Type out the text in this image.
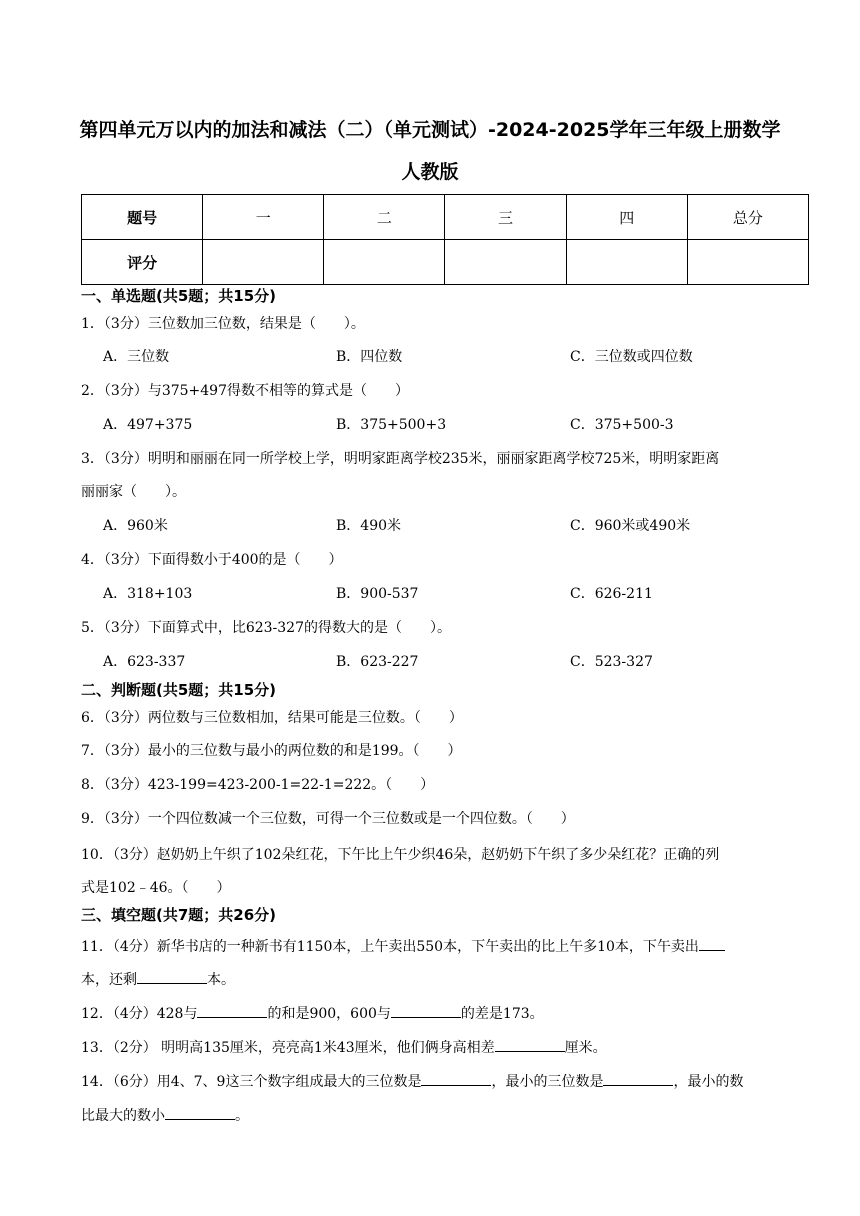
第四单元万以内的加法和减法（二）（单元测试）-2024-2025学年三年级上册数学
人教版
题号	一	二	三	四	总分
评分					
一、单选题(共5题；共15分)
1．（3分）三位数加三位数，结果是（　　）。
A．三位数	B．四位数	C．三位数或四位数
2．（3分）与375+497得数不相等的算式是（　　）
A．497+375	B．375+500+3	C．375+500-3
3．（3分）明明和丽丽在同一所学校上学，明明家距离学校235米，丽丽家距离学校725米，明明家距离
丽丽家（　　）。
A．960米	B．490米	C．960米或490米
4．（3分）下面得数小于400的是（　　）
A．318+103	B．900-537	C．626-211
5．（3分）下面算式中，比623-327的得数大的是（　　）。
A．623-337	B．623-227	C．523-327
二、判断题(共5题；共15分)
6．（3分）两位数与三位数相加，结果可能是三位数。（　　）
7．（3分）最小的三位数与最小的两位数的和是199。（　　）
8．（3分）423-199=423-200-1=22-1=222。（　　）
9．（3分）一个四位数减一个三位数，可得一个三位数或是一个四位数。（　　）
10．（3分）赵奶奶上午织了102朵红花，下午比上午少织46朵，赵奶奶下午织了多少朵红花？正确的列
式是102﹣46。（　　）
三、填空题(共7题；共26分)
11．（4分）新华书店的一种新书有1150本，上午卖出550本，下午卖出的比上午多10本，下午卖出
本，还剩	本。
12．（4分）428与	的和是900，600与	的差是173。
13．（2分） 明明高135厘米，亮亮高1米43厘米，他们俩身高相差	厘米。
14．（6分）用4、7、9这三个数字组成最大的三位数是	，最小的三位数是	，最小的数
比最大的数小	。
